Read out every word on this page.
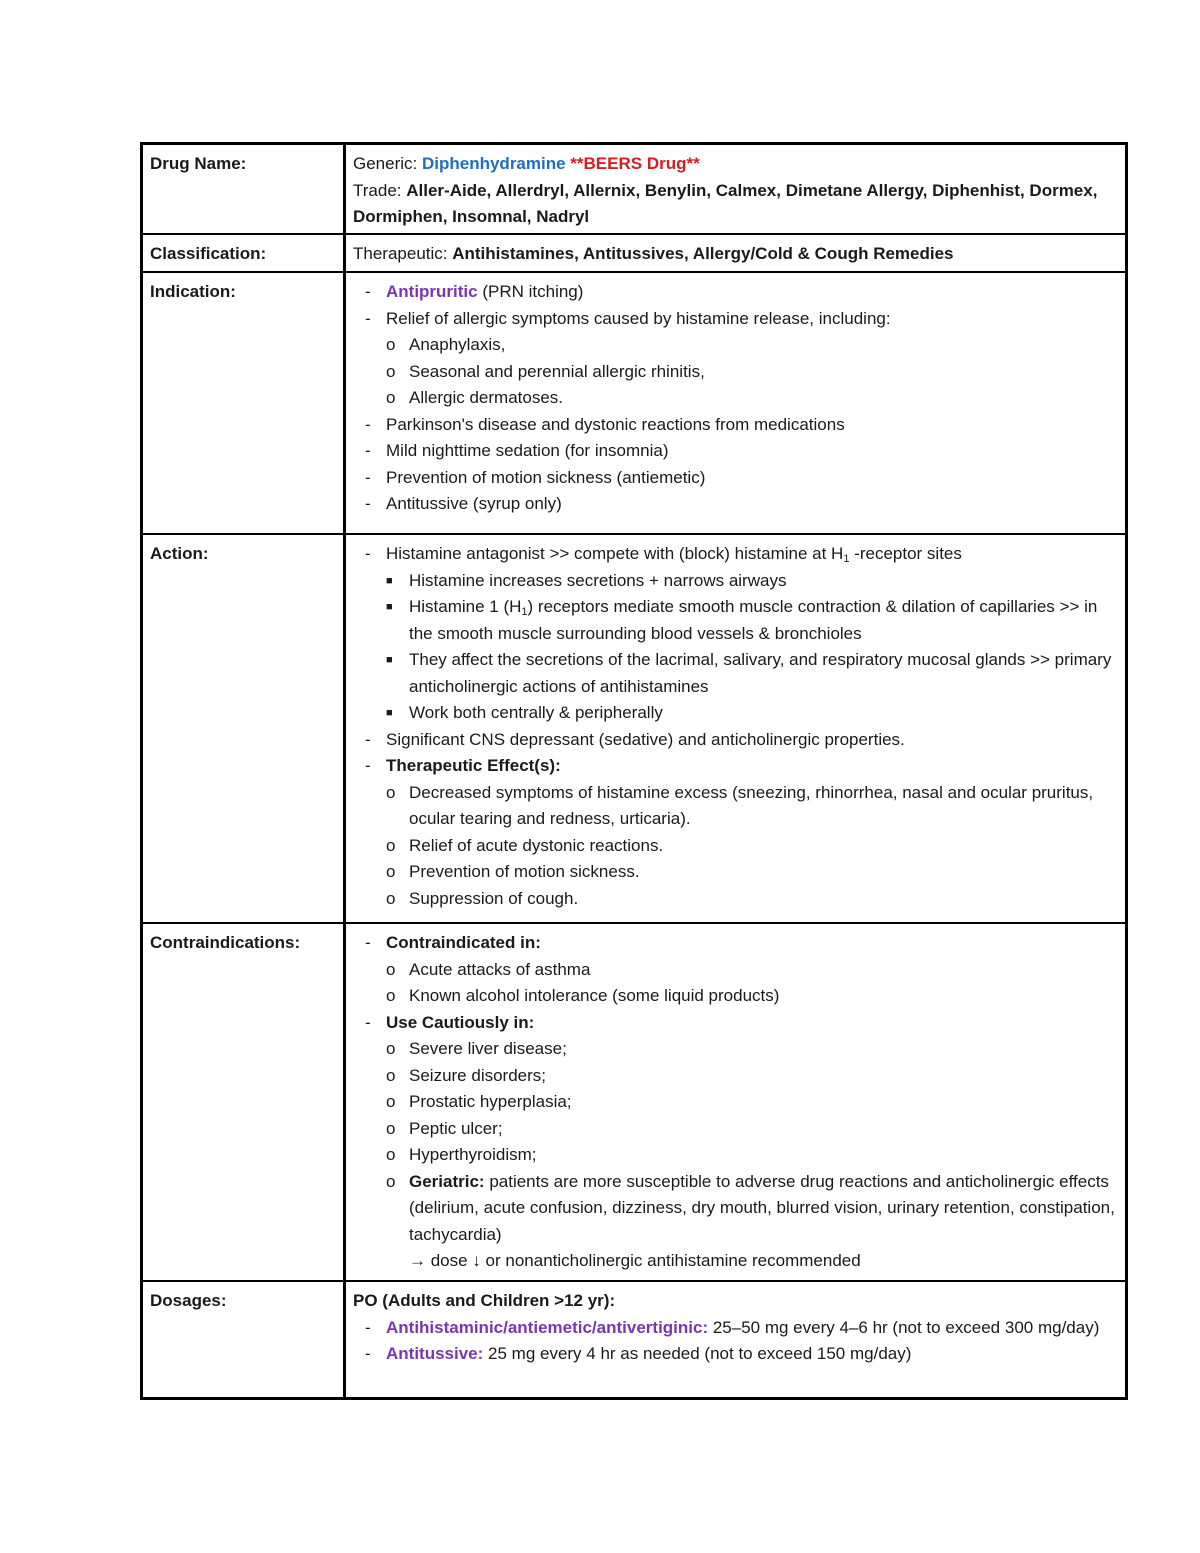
Drug Name:	Generic: Diphenhydramine **BEERS Drug**
Trade: Aller-Aide, Allerdryl, Allernix, Benylin, Calmex, Dimetane Allergy, Diphenhist, Dormex, Dormiphen, Insomnal, Nadryl
Classification:	Therapeutic: Antihistamines, Antitussives, Allergy/Cold & Cough Remedies
Indication:	- Antipruritic (PRN itching)
- Relief of allergic symptoms caused by histamine release, including:
o Anaphylaxis,
o Seasonal and perennial allergic rhinitis,
o Allergic dermatoses.
- Parkinson's disease and dystonic reactions from medications
- Mild nighttime sedation (for insomnia)
- Prevention of motion sickness (antiemetic)
- Antitussive (syrup only)
Action:	- Histamine antagonist >> compete with (block) histamine at $H_1$ -receptor sites
■ Histamine increases secretions + narrows airways
■ Histamine 1 $(H_1)$ receptors mediate smooth muscle contraction & dilation of capillaries >> in the smooth muscle surrounding blood vessels & bronchioles
■ They affect the secretions of the lacrimal, salivary, and respiratory mucosal glands >> primary anticholinergic actions of antihistamines
■ Work both centrally & peripherally
- Significant CNS depressant (sedative) and anticholinergic properties.
- Therapeutic Effect(s):
o Decreased symptoms of histamine excess (sneezing, rhinorrhea, nasal and ocular pruritus, ocular tearing and redness, urticaria).
o Relief of acute dystonic reactions.
o Prevention of motion sickness.
o Suppression of cough.
Contraindications:	- Contraindicated in:
o Acute attacks of asthma
o Known alcohol intolerance (some liquid products)
- Use Cautiously in:
o Severe liver disease;
o Seizure disorders;
o Prostatic hyperplasia;
o Peptic ulcer;
o Hyperthyroidism;
o Geriatric: patients are more susceptible to adverse drug reactions and anticholinergic effects (delirium, acute confusion, dizziness, dry mouth, blurred vision, urinary retention, constipation, tachycardia)
→ dose ↓ or nonanticholinergic antihistamine recommended
Dosages:	PO (Adults and Children >12 yr):
- Antihistaminic/antiemetic/antivertiginic: 25–50 mg every 4–6 hr (not to exceed 300 mg/day)
- Antitussive: 25 mg every 4 hr as needed (not to exceed 150 mg/day)
